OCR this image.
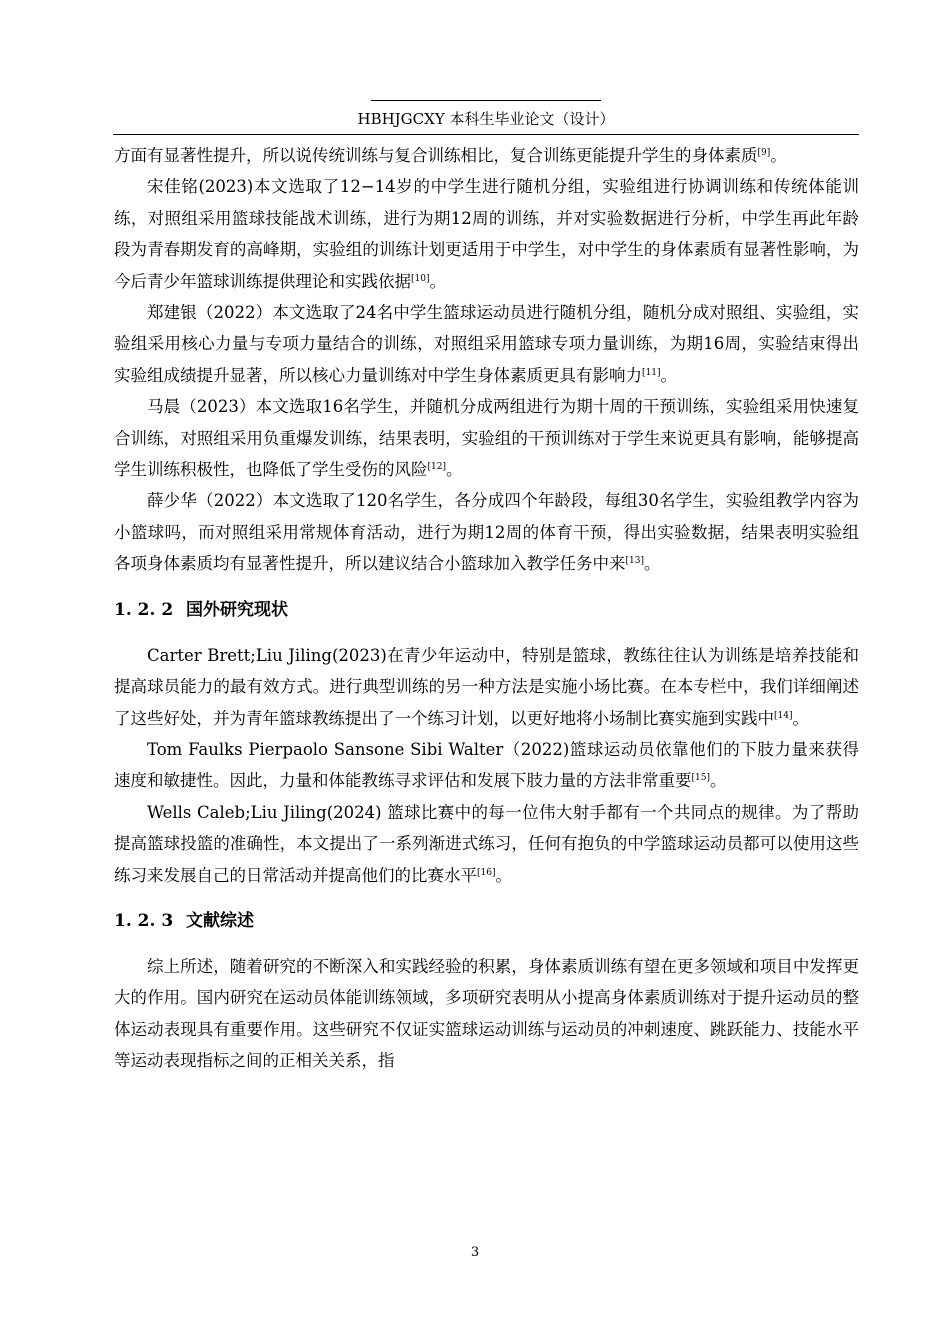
HBHJGCXY 本科生毕业论文（设计）

方面有显著性提升，所以说传统训练与复合训练相比，复合训练更能提升学生的身体素质[9]。

宋佳铭(2023)本文选取了12−14岁的中学生进行随机分组，实验组进行协调训练和传统体能训练，对照组采用篮球技能战术训练，进行为期12周的训练，并对实验数据进行分析，中学生再此年龄段为青春期发育的高峰期，实验组的训练计划更适用于中学生，对中学生的身体素质有显著性影响，为今后青少年篮球训练提供理论和实践依据[10]。

郑建银（2022）本文选取了24名中学生篮球运动员进行随机分组，随机分成对照组、实验组，实验组采用核心力量与专项力量结合的训练，对照组采用篮球专项力量训练，为期16周，实验结束得出实验组成绩提升显著，所以核心力量训练对中学生身体素质更具有影响力[11]。

马晨（2023）本文选取16名学生，并随机分成两组进行为期十周的干预训练，实验组采用快速复合训练，对照组采用负重爆发训练，结果表明，实验组的干预训练对于学生来说更具有影响，能够提高学生训练积极性，也降低了学生受伤的风险[12]。

薛少华（2022）本文选取了120名学生，各分成四个年龄段，每组30名学生，实验组教学内容为小篮球吗，而对照组采用常规体育活动，进行为期12周的体育干预，得出实验数据，结果表明实验组各项身体素质均有显著性提升，所以建议结合小篮球加入教学任务中来[13]。

1. 2. 2 国外研究现状

Carter Brett;Liu Jiling(2023)在青少年运动中，特别是篮球，教练往往认为训练是培养技能和提高球员能力的最有效方式。进行典型训练的另一种方法是实施小场比赛。在本专栏中，我们详细阐述了这些好处，并为青年篮球教练提出了一个练习计划，以更好地将小场制比赛实施到实践中[14]。

Tom Faulks Pierpaolo Sansone Sibi Walter（2022)篮球运动员依靠他们的下肢力量来获得速度和敏捷性。因此，力量和体能教练寻求评估和发展下肢力量的方法非常重要[15]。

Wells Caleb;Liu Jiling(2024) 篮球比赛中的每一位伟大射手都有一个共同点的规律。为了帮助提高篮球投篮的准确性，本文提出了一系列渐进式练习，任何有抱负的中学篮球运动员都可以使用这些练习来发展自己的日常活动并提高他们的比赛水平[16]。

1. 2. 3 文献综述

综上所述，随着研究的不断深入和实践经验的积累，身体素质训练有望在更多领域和项目中发挥更大的作用。国内研究在运动员体能训练领域，多项研究表明从小提高身体素质训练对于提升运动员的整体运动表现具有重要作用。这些研究不仅证实篮球运动训练与运动员的冲刺速度、跳跃能力、技能水平等运动表现指标之间的正相关关系，指

3
